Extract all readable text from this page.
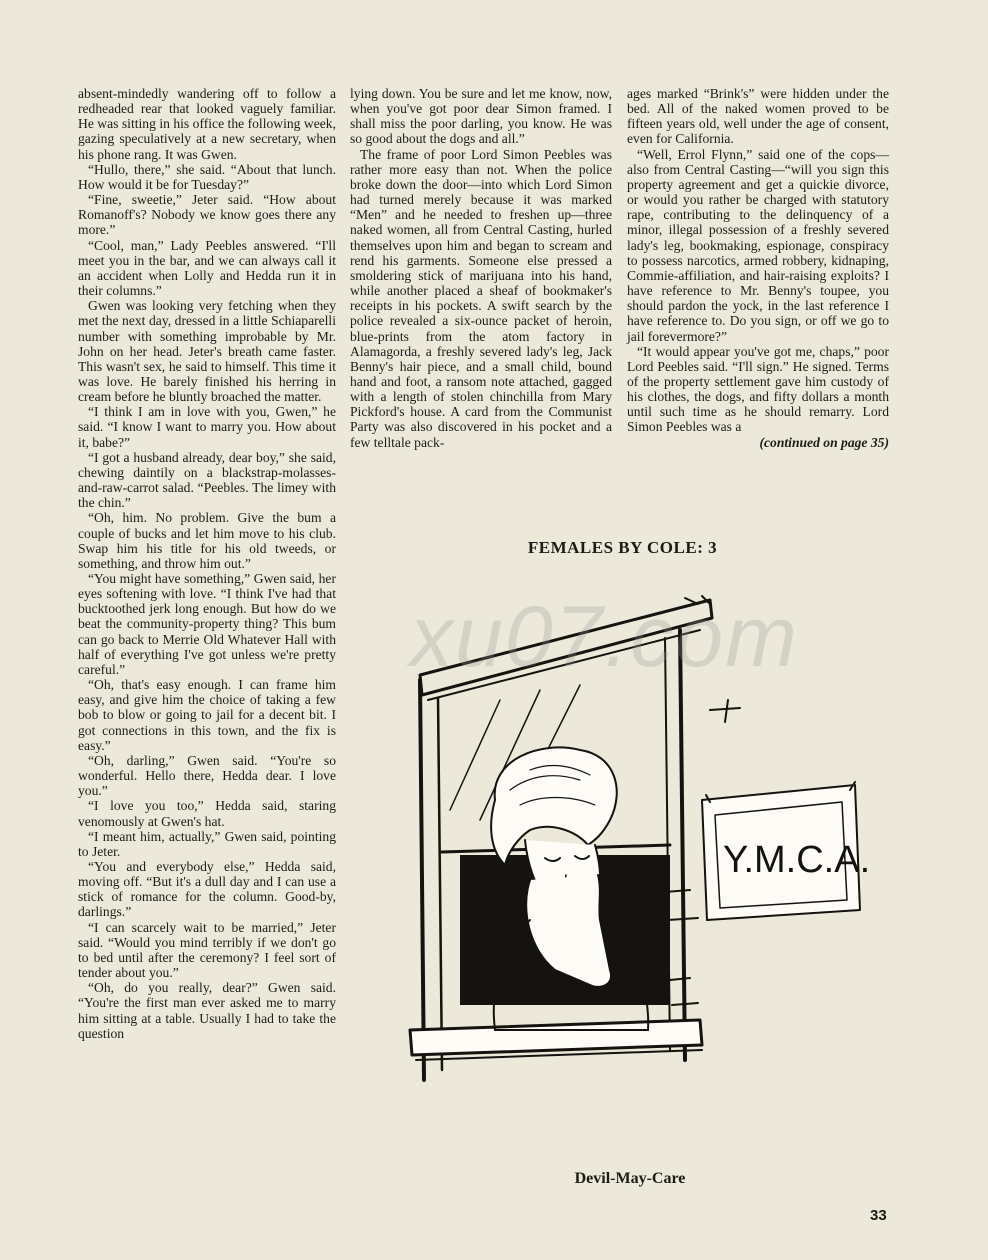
absent-mindedly wandering off to follow a redheaded rear that looked vaguely familiar. He was sitting in his office the following week, gazing speculatively at a new secretary, when his phone rang. It was Gwen.

“Hullo, there,” she said. “About that lunch. How would it be for Tuesday?”

“Fine, sweetie,” Jeter said. “How about Romanoff's? Nobody we know goes there any more.”

“Cool, man,” Lady Peebles answered. “I'll meet you in the bar, and we can always call it an accident when Lolly and Hedda run it in their columns.”

Gwen was looking very fetching when they met the next day, dressed in a little Schiaparelli number with something improbable by Mr. John on her head. Jeter's breath came faster. This wasn't sex, he said to himself. This time it was love. He barely finished his herring in cream before he bluntly broached the matter.

“I think I am in love with you, Gwen,” he said. “I know I want to marry you. How about it, babe?”

“I got a husband already, dear boy,” she said, chewing daintily on a blackstrap-molasses-and-raw-carrot salad. “Peebles. The limey with the chin.”

“Oh, him. No problem. Give the bum a couple of bucks and let him move to his club. Swap him his title for his old tweeds, or something, and throw him out.”

“You might have something,” Gwen said, her eyes softening with love. “I think I've had that bucktoothed jerk long enough. But how do we beat the community-property thing? This bum can go back to Merrie Old Whatever Hall with half of everything I've got unless we're pretty careful.”

“Oh, that's easy enough. I can frame him easy, and give him the choice of taking a few bob to blow or going to jail for a decent bit. I got connections in this town, and the fix is easy.”

“Oh, darling,” Gwen said. “You're so wonderful. Hello there, Hedda dear. I love you.”

“I love you too,” Hedda said, staring venomously at Gwen's hat.

“I meant him, actually,” Gwen said, pointing to Jeter.

“You and everybody else,” Hedda said, moving off. “But it's a dull day and I can use a stick of romance for the column. Good-by, darlings.”

“I can scarcely wait to be married,” Jeter said. “Would you mind terribly if we don't go to bed until after the ceremony? I feel sort of tender about you.”

“Oh, do you really, dear?” Gwen said. “You're the first man ever asked me to marry him sitting at a table. Usually I had to take the question

lying down. You be sure and let me know, now, when you've got poor dear Simon framed. I shall miss the poor darling, you know. He was so good about the dogs and all.”

The frame of poor Lord Simon Peebles was rather more easy than not. When the police broke down the door—into which Lord Simon had turned merely because it was marked “Men” and he needed to freshen up—three naked women, all from Central Casting, hurled themselves upon him and began to scream and rend his garments. Someone else pressed a smoldering stick of marijuana into his hand, while another placed a sheaf of bookmaker's receipts in his pockets. A swift search by the police revealed a six-ounce packet of heroin, blue-prints from the atom factory in Alamagorda, a freshly severed lady's leg, Jack Benny's hair piece, and a small child, bound hand and foot, a ransom note attached, gagged with a length of stolen chinchilla from Mary Pickford's house. A card from the Communist Party was also discovered in his pocket and a few telltale pack-

ages marked “Brink's” were hidden under the bed. All of the naked women proved to be fifteen years old, well under the age of consent, even for California.

“Well, Errol Flynn,” said one of the cops—also from Central Casting—“will you sign this property agreement and get a quickie divorce, or would you rather be charged with statutory rape, contributing to the delinquency of a minor, illegal possession of a freshly severed lady's leg, bookmaking, espionage, conspiracy to possess narcotics, armed robbery, kidnaping, Commie-affiliation, and hair-raising exploits? I have reference to Mr. Benny's toupee, you should pardon the yock, in the last reference I have reference to. Do you sign, or off we go to jail forevermore?”

“It would appear you've got me, chaps,” poor Lord Peebles said. “I'll sign.” He signed. Terms of the property settlement gave him custody of his clothes, the dogs, and fifty dollars a month until such time as he should remarry. Lord Simon Peebles was a

(continued on page 35)

FEMALES BY COLE: 3
Y.M.C.A.
Devil-May-Care
33
xu07.com
